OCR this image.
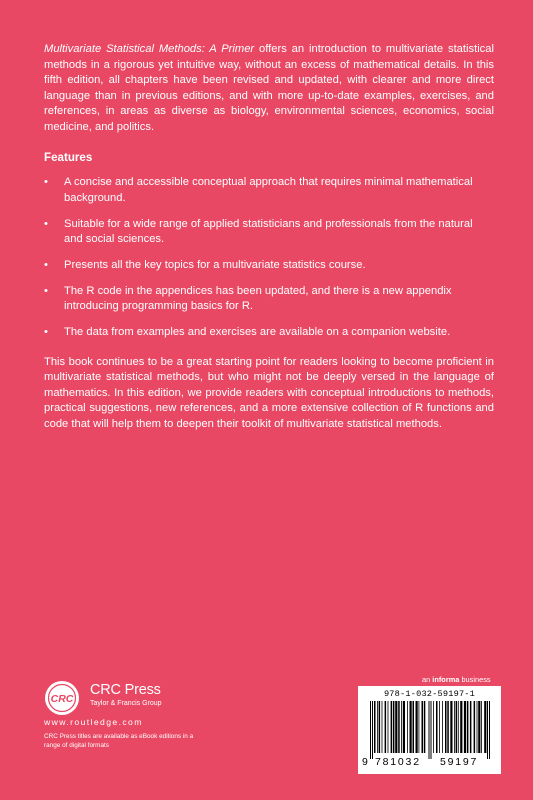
Multivariate Statistical Methods: A Primer offers an introduction to multivariate statistical methods in a rigorous yet intuitive way, without an excess of mathematical details. In this fifth edition, all chapters have been revised and updated, with clearer and more direct language than in previous editions, and with more up-to-date examples, exercises, and references, in areas as diverse as biology, environmental sciences, economics, social medicine, and politics.

Features
• A concise and accessible conceptual approach that requires minimal mathematical background.
• Suitable for a wide range of applied statisticians and professionals from the natural and social sciences.
• Presents all the key topics for a multivariate statistics course.
• The R code in the appendices has been updated, and there is a new appendix introducing programming basics for R.
• The data from examples and exercises are available on a companion website.

This book continues to be a great starting point for readers looking to become proficient in multivariate statistical methods, but who might not be deeply versed in the language of mathematics. In this edition, we provide readers with conceptual introductions to methods, practical suggestions, new references, and a more extensive collection of R functions and code that will help them to deepen their toolkit of multivariate statistical methods.

CRC
CRC Press
Taylor & Francis Group
www.routledge.com
CRC Press titles are available as eBook editions in a range of digital formats
an informa business
978-1-032-59197-1
9 781032 59197
